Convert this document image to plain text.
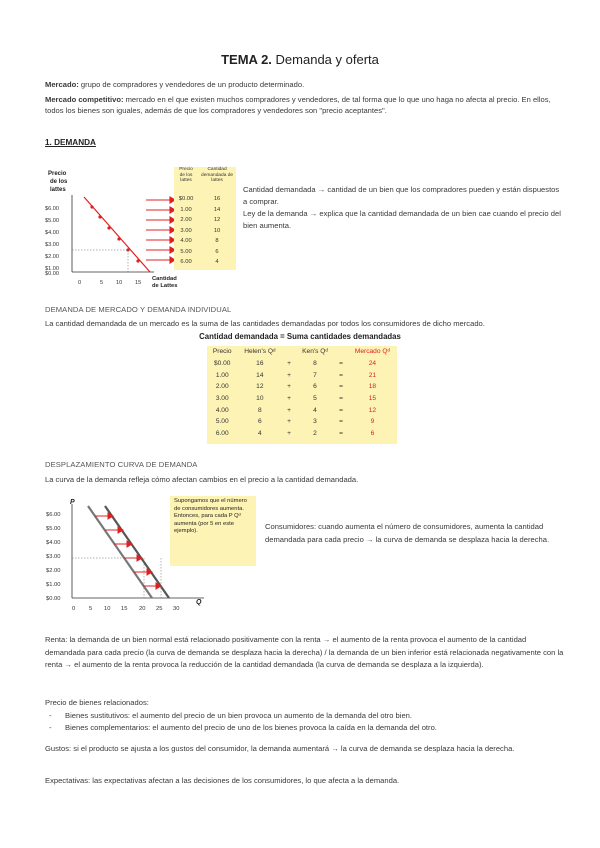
TEMA 2. Demanda y oferta

Mercado: grupo de compradores y vendedores de un producto determinado.

Mercado competitivo: mercado en el que existen muchos compradores y vendedores, de tal forma que lo que uno haga no afecta al precio. En ellos, todos los bienes son iguales, además de que los compradores y vendedores son "precio aceptantes".

1. DEMANDA
Precio
de los
lattes
$6.00
$5.00
$4.00
$3.00
$2.00
$1.00
$0.00
0	5 10 15
Cantidad
de Lattes
Precio de los lattes	Cantidad demandada de lattes
$0.00	16
1.00	14
2.00	12
3.00	10
4.00	8
5.00	6
6.00	4

Cantidad demandada → cantidad de un bien que los compradores pueden y están dispuestos a comprar.

Ley de la demanda → explica que la cantidad demandada de un bien cae cuando el precio del bien aumenta.

DEMANDA DE MERCADO Y DEMANDA INDIVIDUAL
La cantidad demandada de un mercado es la suma de las cantidades demandadas por todos los consumidores de dicho mercado.
Cantidad demandada = Suma cantidades demandadas
Precio	Helen's Qᵈ		Ken's Qᵈ		Mercado Qᵈ
$0.00	16	+	8	=	24
1.00	14	+	7	=	21
2.00	12	+	6	=	18
3.00	10	+	5	=	15
4.00	8	+	4	=	12
5.00	6	+	3	=	9
6.00	4	+	2	=	6
DESPLAZAMIENTO CURVA DE DEMANDA
La curva de la demanda refleja cómo afectan cambios en el precio a la cantidad demandada.
P
$6.00
$5.00
$4.00
$3.00
$2.00
$1.00
$0.00
0 5 10 15 20 25 30
Q
Supongamos que el número de consumidores aumenta. Entonces, para cada P Qᵈ aumenta (por 5 en este ejemplo).	Consumidores: cuando aumenta el número de consumidores, aumenta la cantidad demandada para cada precio → la curva de demanda se desplaza hacia la derecha.
Renta: la demanda de un bien normal está relacionado positivamente con la renta → el aumento de la renta provoca el aumento de la cantidad demandada para cada precio (la curva de demanda se desplaza hacia la derecha) / la demanda de un bien inferior está relacionada negativamente con la renta → el aumento de la renta provoca la reducción de la cantidad demandada (la curva de demanda se desplaza a la izquierda).

Precio de bienes relacionados:

- Bienes sustitutivos: el aumento del precio de un bien provoca un aumento de la demanda del otro bien.
- Bienes complementarios: el aumento del precio de uno de los bienes provoca la caída en la demanda del otro.
Gustos: si el producto se ajusta a los gustos del consumidor, la demanda aumentará → la curva de demanda se desplaza hacia la derecha.
Expectativas: las expectativas afectan a las decisiones de los consumidores, lo que afecta a la demanda.
